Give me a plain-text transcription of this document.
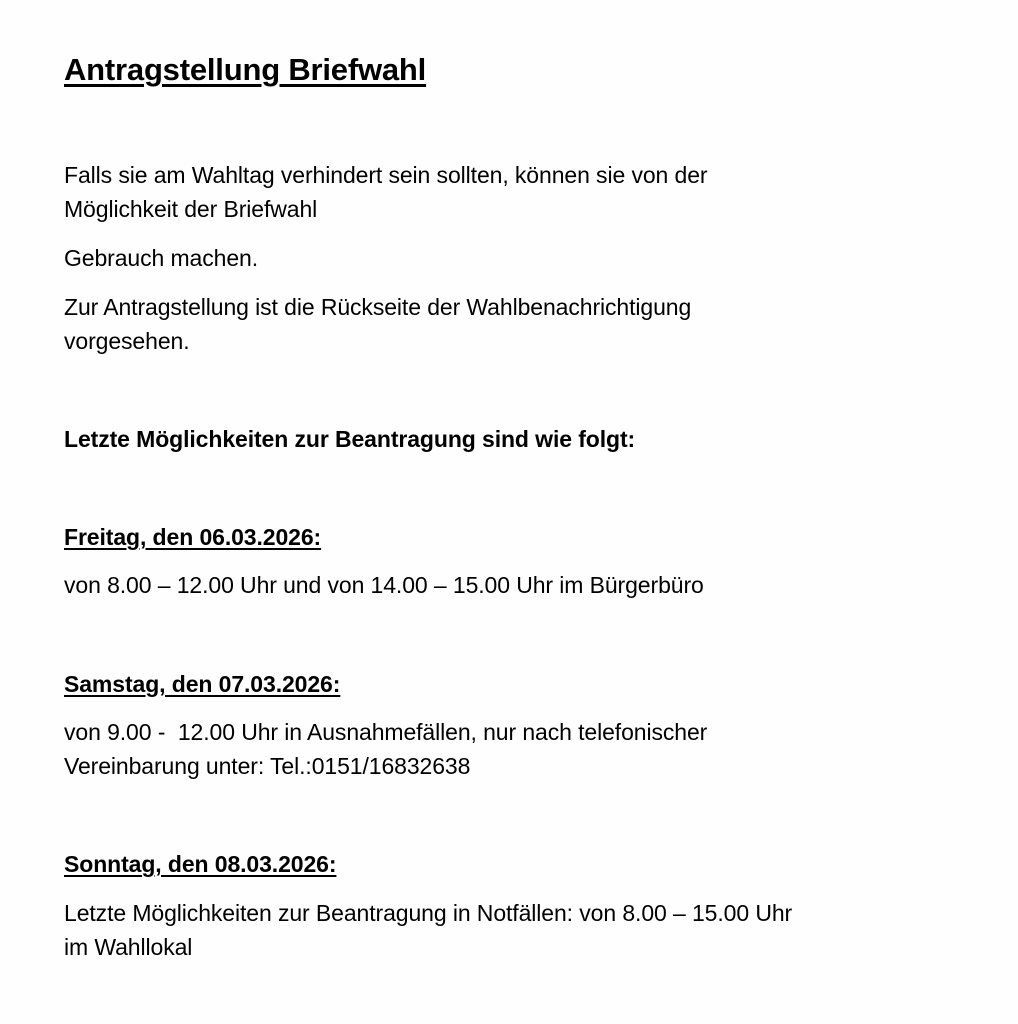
Antragstellung Briefwahl
Falls sie am Wahltag verhindert sein sollten, können sie von der
Möglichkeit der Briefwahl
Gebrauch machen.
Zur Antragstellung ist die Rückseite der Wahlbenachrichtigung
vorgesehen.
Letzte Möglichkeiten zur Beantragung sind wie folgt:
Freitag, den 06.03.2026:
von 8.00 – 12.00 Uhr und von 14.00 – 15.00 Uhr im Bürgerbüro
Samstag, den 07.03.2026:
von 9.00 -  12.00 Uhr in Ausnahmefällen, nur nach telefonischer
Vereinbarung unter: Tel.:0151/16832638
Sonntag, den 08.03.2026:
Letzte Möglichkeiten zur Beantragung in Notfällen: von 8.00 – 15.00 Uhr
im Wahllokal
